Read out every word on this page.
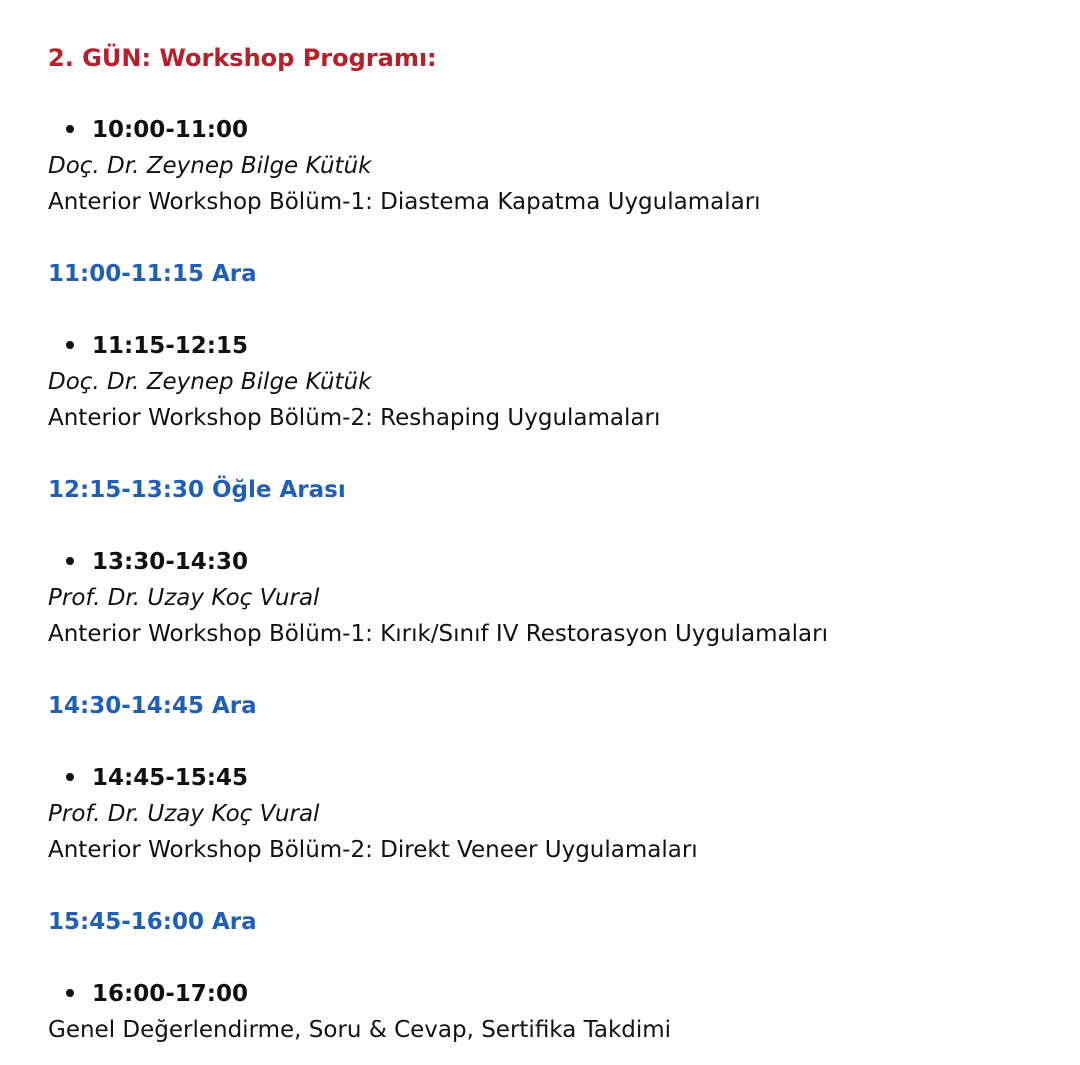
2. GÜN: Workshop Programı:
10:00-11:00
Doç. Dr. Zeynep Bilge Kütük
Anterior Workshop Bölüm-1: Diastema Kapatma Uygulamaları
11:00-11:15 Ara
11:15-12:15
Doç. Dr. Zeynep Bilge Kütük
Anterior Workshop Bölüm-2: Reshaping Uygulamaları
12:15-13:30 Öğle Arası
13:30-14:30
Prof. Dr. Uzay Koç Vural
Anterior Workshop Bölüm-1: Kırık/Sınıf IV Restorasyon Uygulamaları
14:30-14:45 Ara
14:45-15:45
Prof. Dr. Uzay Koç Vural
Anterior Workshop Bölüm-2: Direkt Veneer Uygulamaları
15:45-16:00 Ara
16:00-17:00
Genel Değerlendirme, Soru & Cevap, Sertifika Takdimi
